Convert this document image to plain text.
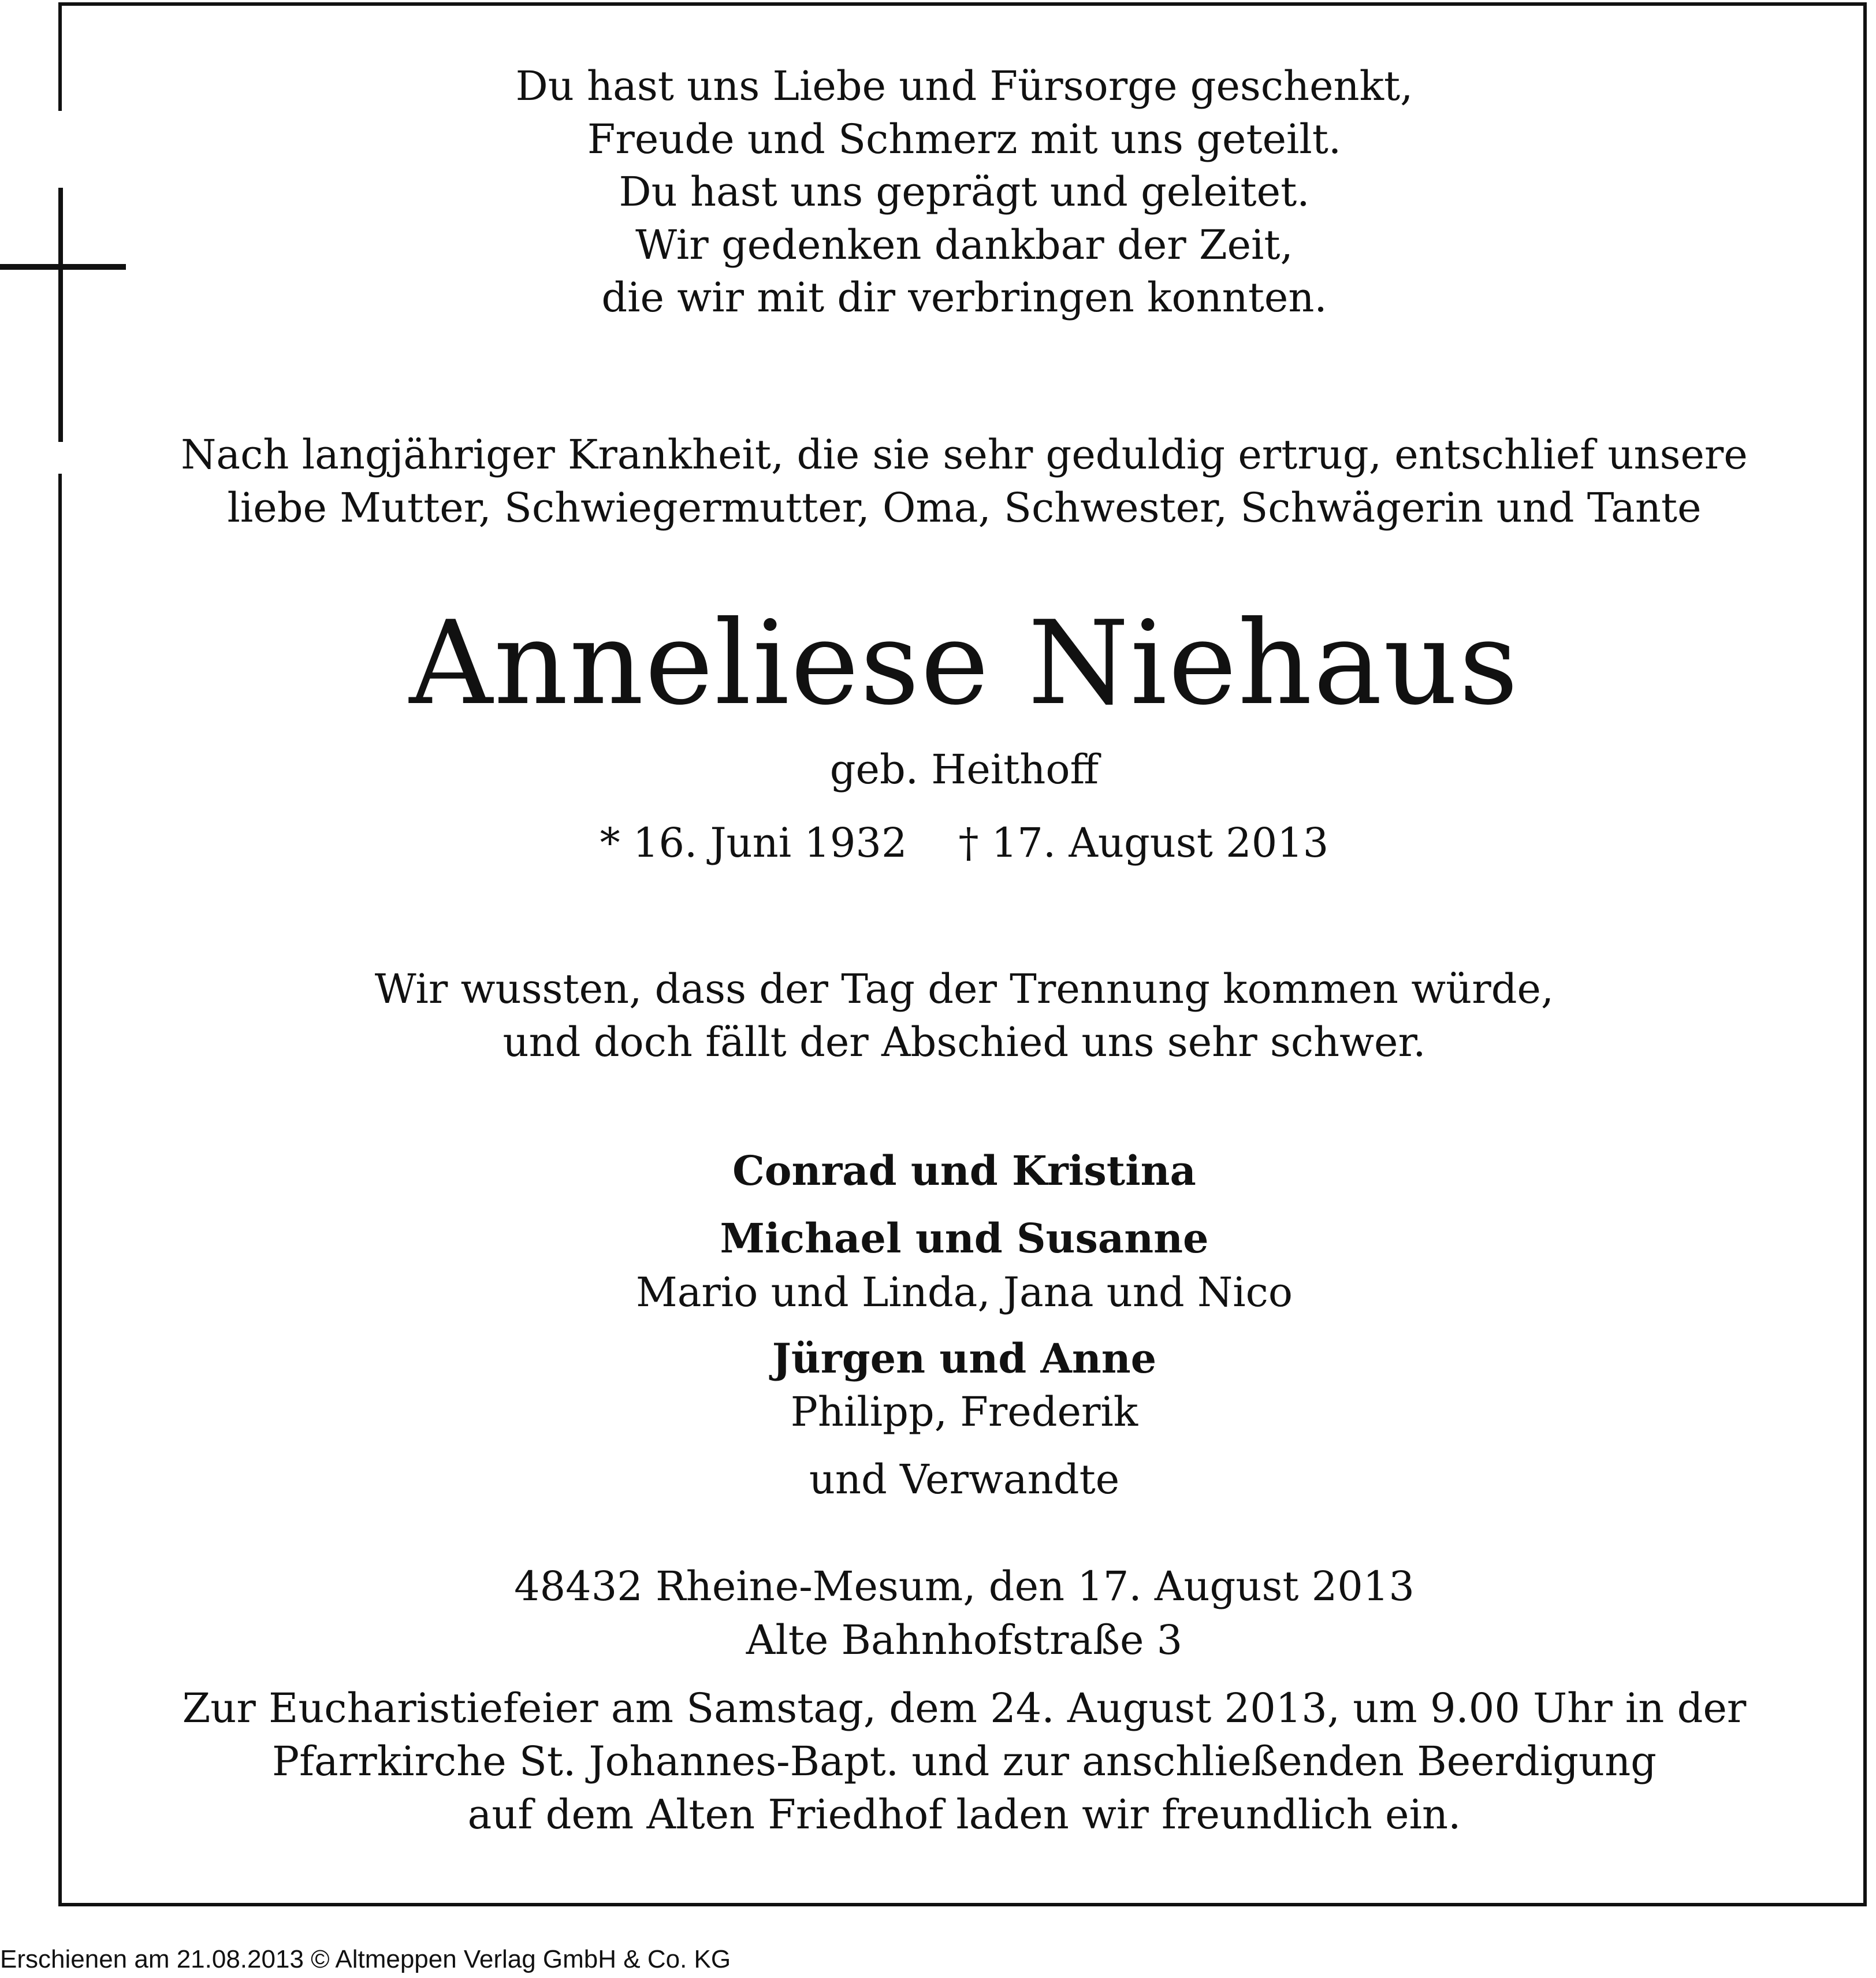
Du hast uns Liebe und Fürsorge geschenkt,
Freude und Schmerz mit uns geteilt.
Du hast uns geprägt und geleitet.
Wir gedenken dankbar der Zeit,
die wir mit dir verbringen konnten.
Nach langjähriger Krankheit, die sie sehr geduldig ertrug, entschlief unsere
liebe Mutter, Schwiegermutter, Oma, Schwester, Schwägerin und Tante
Anneliese Niehaus
geb. Heithoff
* 16. Juni 1932    † 17. August 2013
Wir wussten, dass der Tag der Trennung kommen würde,
und doch fällt der Abschied uns sehr schwer.
Conrad und Kristina
Michael und Susanne
Mario und Linda, Jana und Nico
Jürgen und Anne
Philipp, Frederik
und Verwandte
48432 Rheine-Mesum, den 17. August 2013
Alte Bahnhofstraße 3
Zur Eucharistiefeier am Samstag, dem 24. August 2013, um 9.00 Uhr in der
Pfarrkirche St. Johannes-Bapt. und zur anschließenden Beerdigung
auf dem Alten Friedhof laden wir freundlich ein.
Erschienen am 21.08.2013 © Altmeppen Verlag GmbH & Co. KG
